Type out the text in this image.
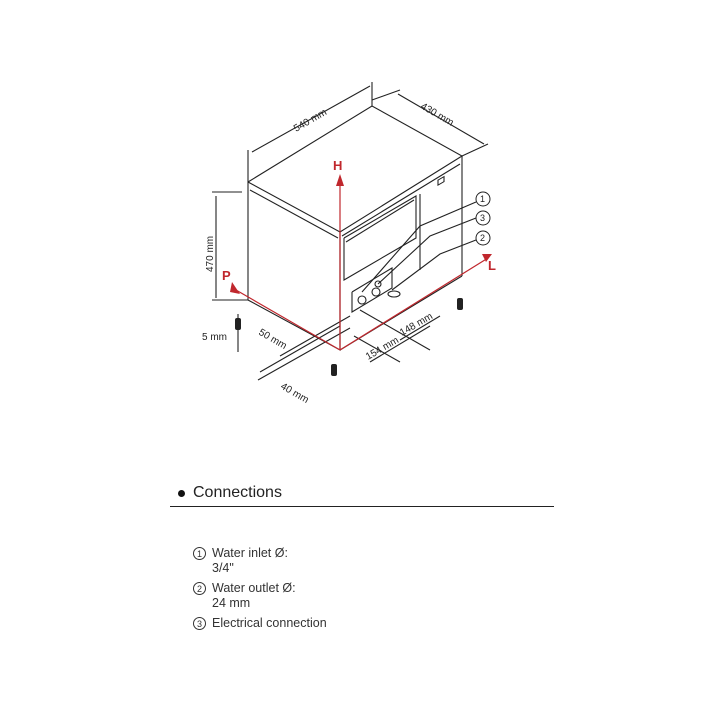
H
P
L
1
3
2
540 mm	430 mm
470 mm
5 mm	50 mm
40 mm
154 mm
148 mm
Connections
1 Water inlet Ø:
3/4"
2 Water outlet Ø:
24 mm
3 Electrical connection
